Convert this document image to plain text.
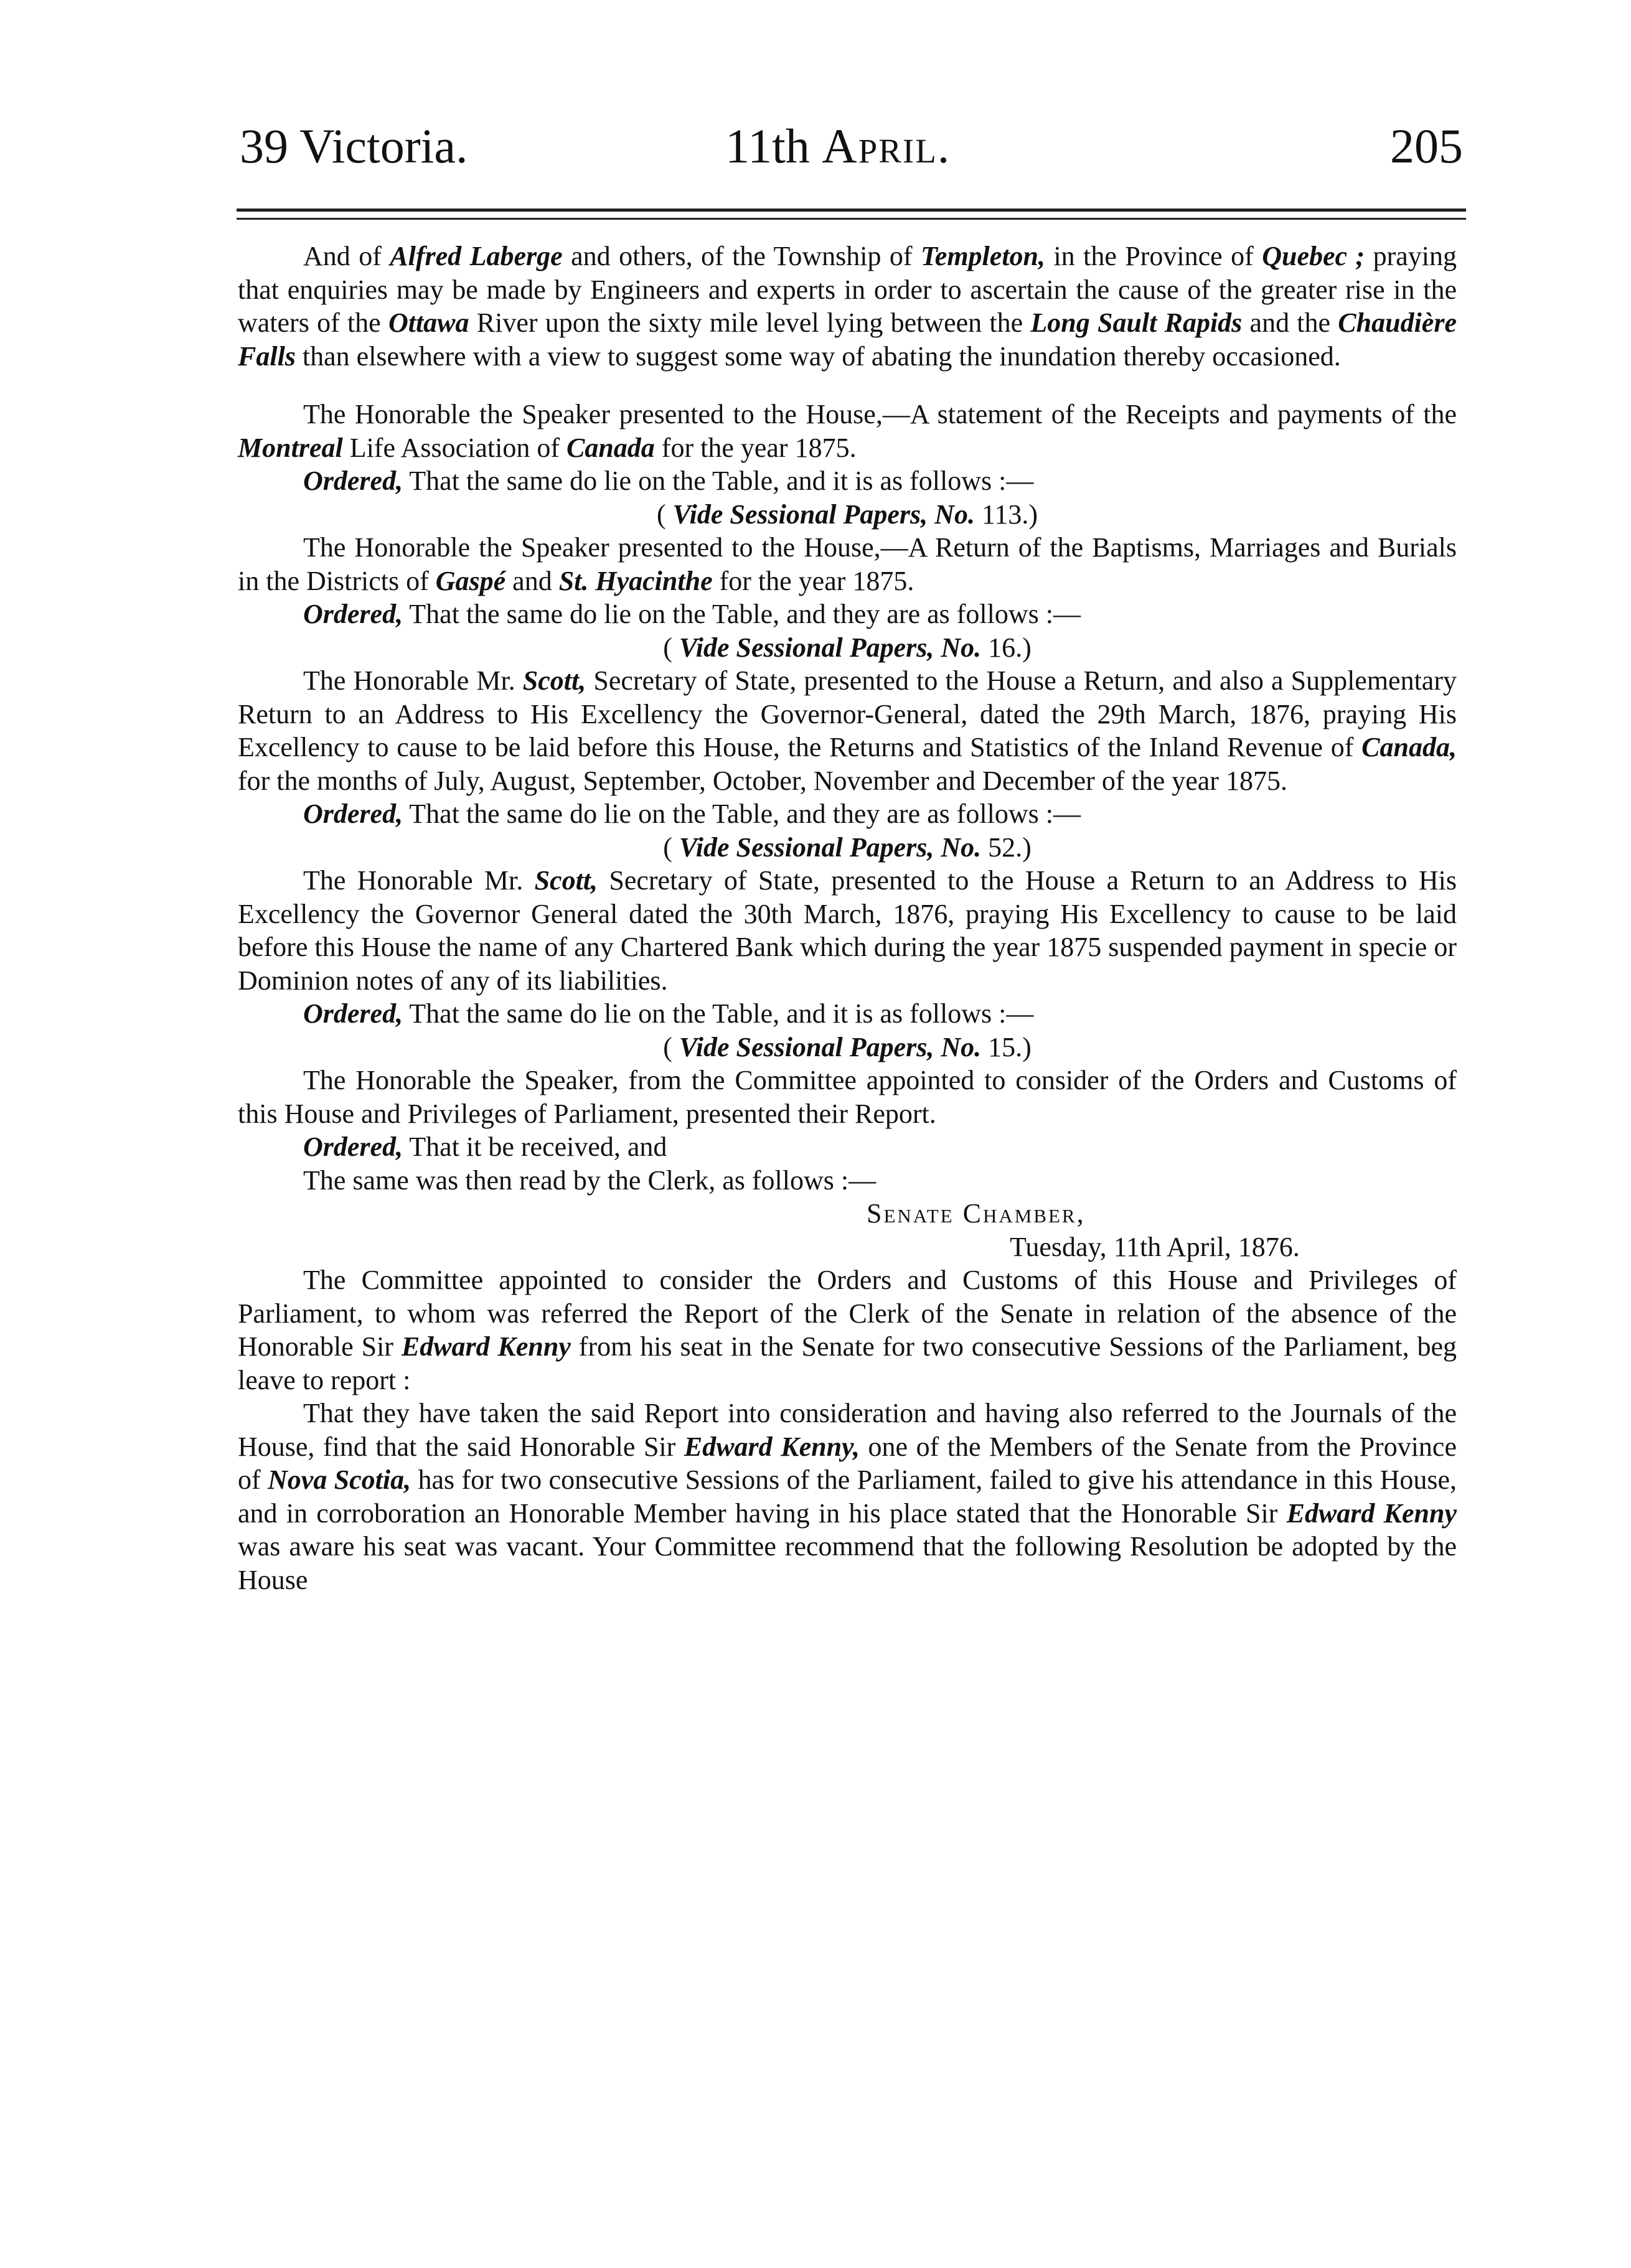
39 Victoria.	11th April.	205

And of Alfred Laberge and others, of the Township of Templeton, in the Province of Quebec ; praying that enquiries may be made by Engineers and experts in order to ascertain the cause of the greater rise in the waters of the Ottawa River upon the sixty mile level lying between the Long Sault Rapids and the Chaudière Falls than elsewhere with a view to suggest some way of abating the inundation thereby occasioned.

The Honorable the Speaker presented to the House,—A statement of the Receipts and payments of the Montreal Life Association of Canada for the year 1875.

Ordered, That the same do lie on the Table, and it is as follows :—

( Vide Sessional Papers, No. 113.)

The Honorable the Speaker presented to the House,—A Return of the Baptisms, Marriages and Burials in the Districts of Gaspé and St. Hyacinthe for the year 1875.

Ordered, That the same do lie on the Table, and they are as follows :—

( Vide Sessional Papers, No. 16.)

The Honorable Mr. Scott, Secretary of State, presented to the House a Return, and also a Supplementary Return to an Address to His Excellency the Governor-General, dated the 29th March, 1876, praying His Excellency to cause to be laid before this House, the Returns and Statistics of the Inland Revenue of Canada, for the months of July, August, September, October, November and December of the year 1875.

Ordered, That the same do lie on the Table, and they are as follows :—

( Vide Sessional Papers, No. 52.)

The Honorable Mr. Scott, Secretary of State, presented to the House a Return to an Address to His Excellency the Governor General dated the 30th March, 1876, praying His Excellency to cause to be laid before this House the name of any Chartered Bank which during the year 1875 suspended payment in specie or Dominion notes of any of its liabilities.

Ordered, That the same do lie on the Table, and it is as follows :—

( Vide Sessional Papers, No. 15.)

The Honorable the Speaker, from the Committee appointed to consider of the Orders and Customs of this House and Privileges of Parliament, presented their Report.

Ordered, That it be received, and

The same was then read by the Clerk, as follows :—

Senate Chamber,

Tuesday, 11th April, 1876.

The Committee appointed to consider the Orders and Customs of this House and Privileges of Parliament, to whom was referred the Report of the Clerk of the Senate in relation of the absence of the Honorable Sir Edward Kenny from his seat in the Senate for two consecutive Sessions of the Parliament, beg leave to report :

That they have taken the said Report into consideration and having also referred to the Journals of the House, find that the said Honorable Sir Edward Kenny, one of the Members of the Senate from the Province of Nova Scotia, has for two consecutive Sessions of the Parliament, failed to give his attendance in this House, and in corroboration an Honorable Member having in his place stated that the Honorable Sir Edward Kenny was aware his seat was vacant. Your Committee recommend that the following Resolution be adopted by the House
